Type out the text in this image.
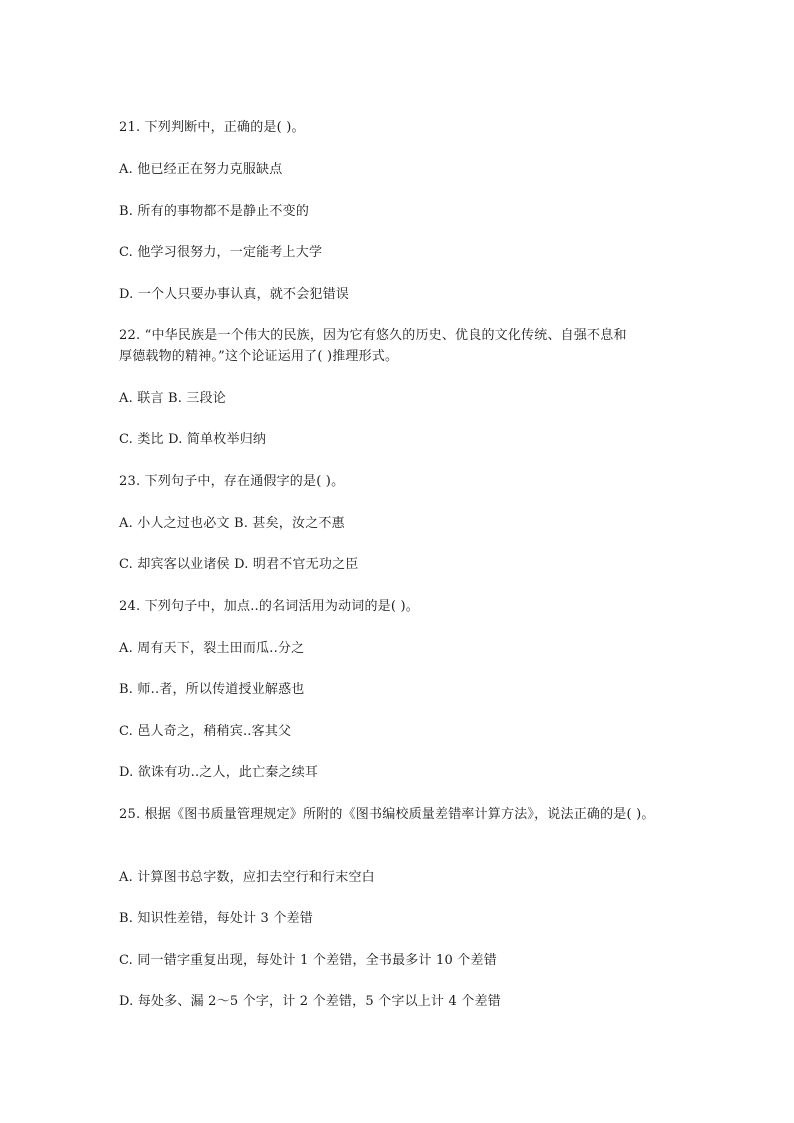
21. 下列判断中，正确的是( )。
A. 他已经正在努力克服缺点
B. 所有的事物都不是静止不变的
C. 他学习很努力，一定能考上大学
D. 一个人只要办事认真，就不会犯错误
22. “中华民族是一个伟大的民族，因为它有悠久的历史、优良的文化传统、自强不息和
厚德载物的精神。”这个论证运用了( )推理形式。
A. 联言 B. 三段论
C. 类比 D. 简单枚举归纳
23. 下列句子中，存在通假字的是( )。
A. 小人之过也必文 B. 甚矣，汝之不惠
C. 却宾客以业诸侯 D. 明君不官无功之臣
24. 下列句子中，加点..的名词活用为动词的是( )。
A. 周有天下，裂土田而瓜..分之
B. 师..者，所以传道授业解惑也
C. 邑人奇之，稍稍宾..客其父
D. 欲诛有功..之人，此亡秦之续耳
25. 根据《图书质量管理规定》所附的《图书编校质量差错率计算方法》，说法正确的是( )。
A. 计算图书总字数，应扣去空行和行末空白
B. 知识性差错，每处计 3 个差错
C. 同一错字重复出现，每处计 1 个差错，全书最多计 10 个差错
D. 每处多、漏 2～5 个字，计 2 个差错，5 个字以上计 4 个差错
